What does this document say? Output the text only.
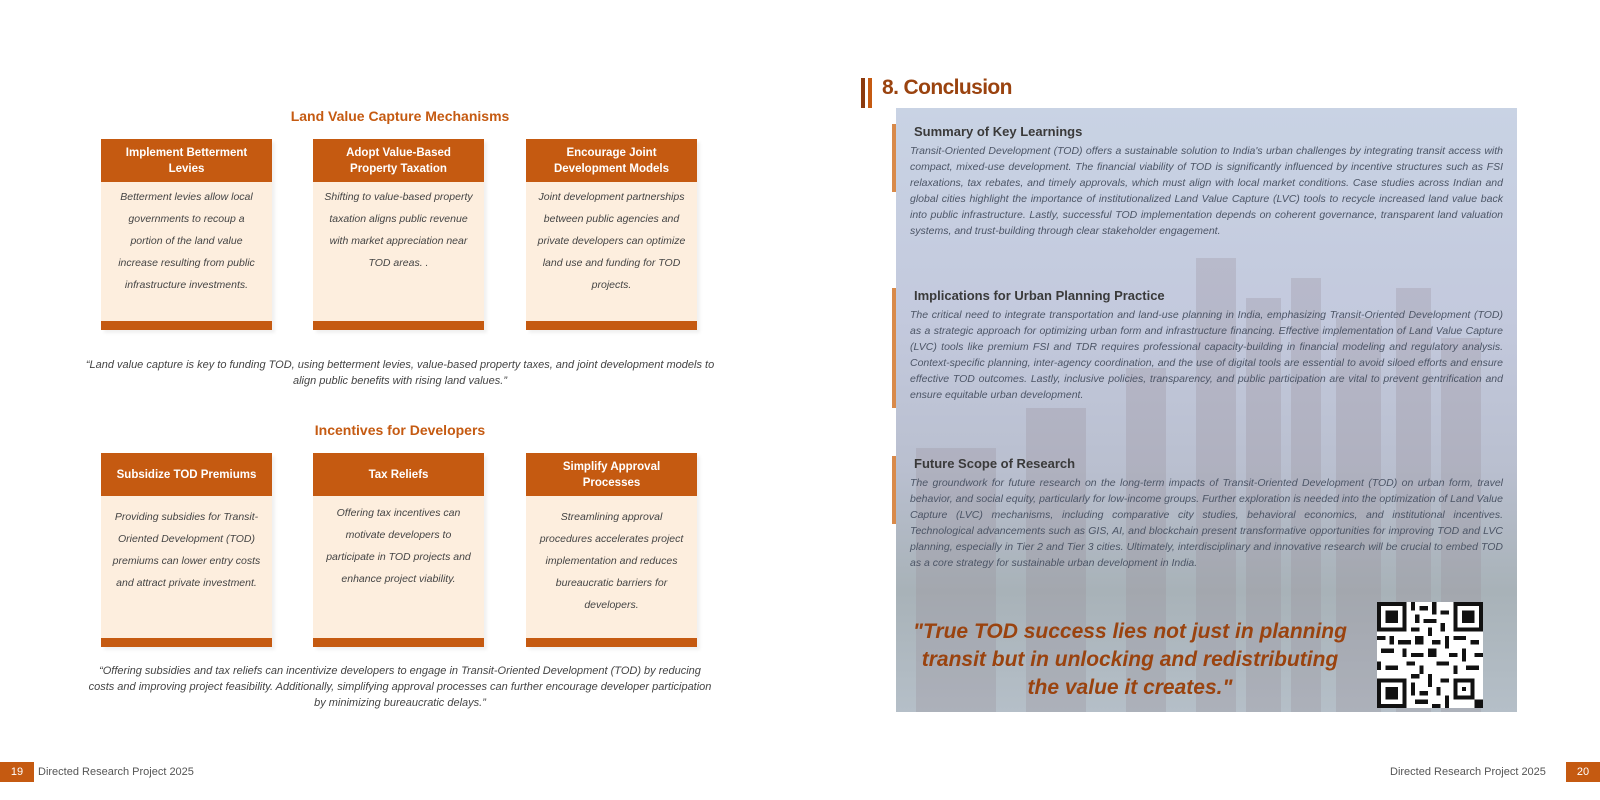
Land Value Capture Mechanisms
Implement Betterment Levies
Betterment levies allow local governments to recoup a portion of the land value increase resulting from public infrastructure investments.
Adopt Value-Based Property Taxation
Shifting to value-based property taxation aligns public revenue with market appreciation near TOD areas. .
Encourage Joint Development Models
Joint development partnerships between public agencies and private developers can optimize land use and funding for TOD projects.
“Land value capture is key to funding TOD, using betterment levies, value-based property taxes, and joint development models to align public benefits with rising land values.”
Incentives for Developers
Subsidize TOD Premiums
Providing subsidies for Transit-Oriented Development (TOD) premiums can lower entry costs and attract private investment.
Tax Reliefs
Offering tax incentives can motivate developers to participate in TOD projects and enhance project viability.
Simplify Approval Processes
Streamlining approval procedures accelerates project implementation and reduces bureaucratic barriers for developers.
“Offering subsidies and tax reliefs can incentivize developers to engage in Transit-Oriented Development (TOD) by reducing costs and improving project feasibility. Additionally, simplifying approval processes can further encourage developer participation by minimizing bureaucratic delays.”
19	Directed Research Project 2025
8. Conclusion
Summary of Key Learnings
Transit-Oriented Development (TOD) offers a sustainable solution to India's urban challenges by integrating transit access with compact, mixed-use development. The financial viability of TOD is significantly influenced by incentive structures such as FSI relaxations, tax rebates, and timely approvals, which must align with local market conditions. Case studies across Indian and global cities highlight the importance of institutionalized Land Value Capture (LVC) tools to recycle increased land value back into public infrastructure. Lastly, successful TOD implementation depends on coherent governance, transparent land valuation systems, and trust-building through clear stakeholder engagement.
Implications for Urban Planning Practice
The critical need to integrate transportation and land-use planning in India, emphasizing Transit-Oriented Development (TOD) as a strategic approach for optimizing urban form and infrastructure financing. Effective implementation of Land Value Capture (LVC) tools like premium FSI and TDR requires professional capacity-building in financial modeling and regulatory analysis. Context-specific planning, inter-agency coordination, and the use of digital tools are essential to avoid siloed efforts and ensure effective TOD outcomes. Lastly, inclusive policies, transparency, and public participation are vital to prevent gentrification and ensure equitable urban development.
Future Scope of Research
The groundwork for future research on the long-term impacts of Transit-Oriented Development (TOD) on urban form, travel behavior, and social equity, particularly for low-income groups. Further exploration is needed into the optimization of Land Value Capture (LVC) mechanisms, including comparative city studies, behavioral economics, and institutional incentives. Technological advancements such as GIS, AI, and blockchain present transformative opportunities for improving TOD and LVC planning, especially in Tier 2 and Tier 3 cities. Ultimately, interdisciplinary and innovative research will be crucial to embed TOD as a core strategy for sustainable urban development in India.
"True TOD success lies not just in planning transit but in unlocking and redistributing the value it creates."
Directed Research Project 2025	20
